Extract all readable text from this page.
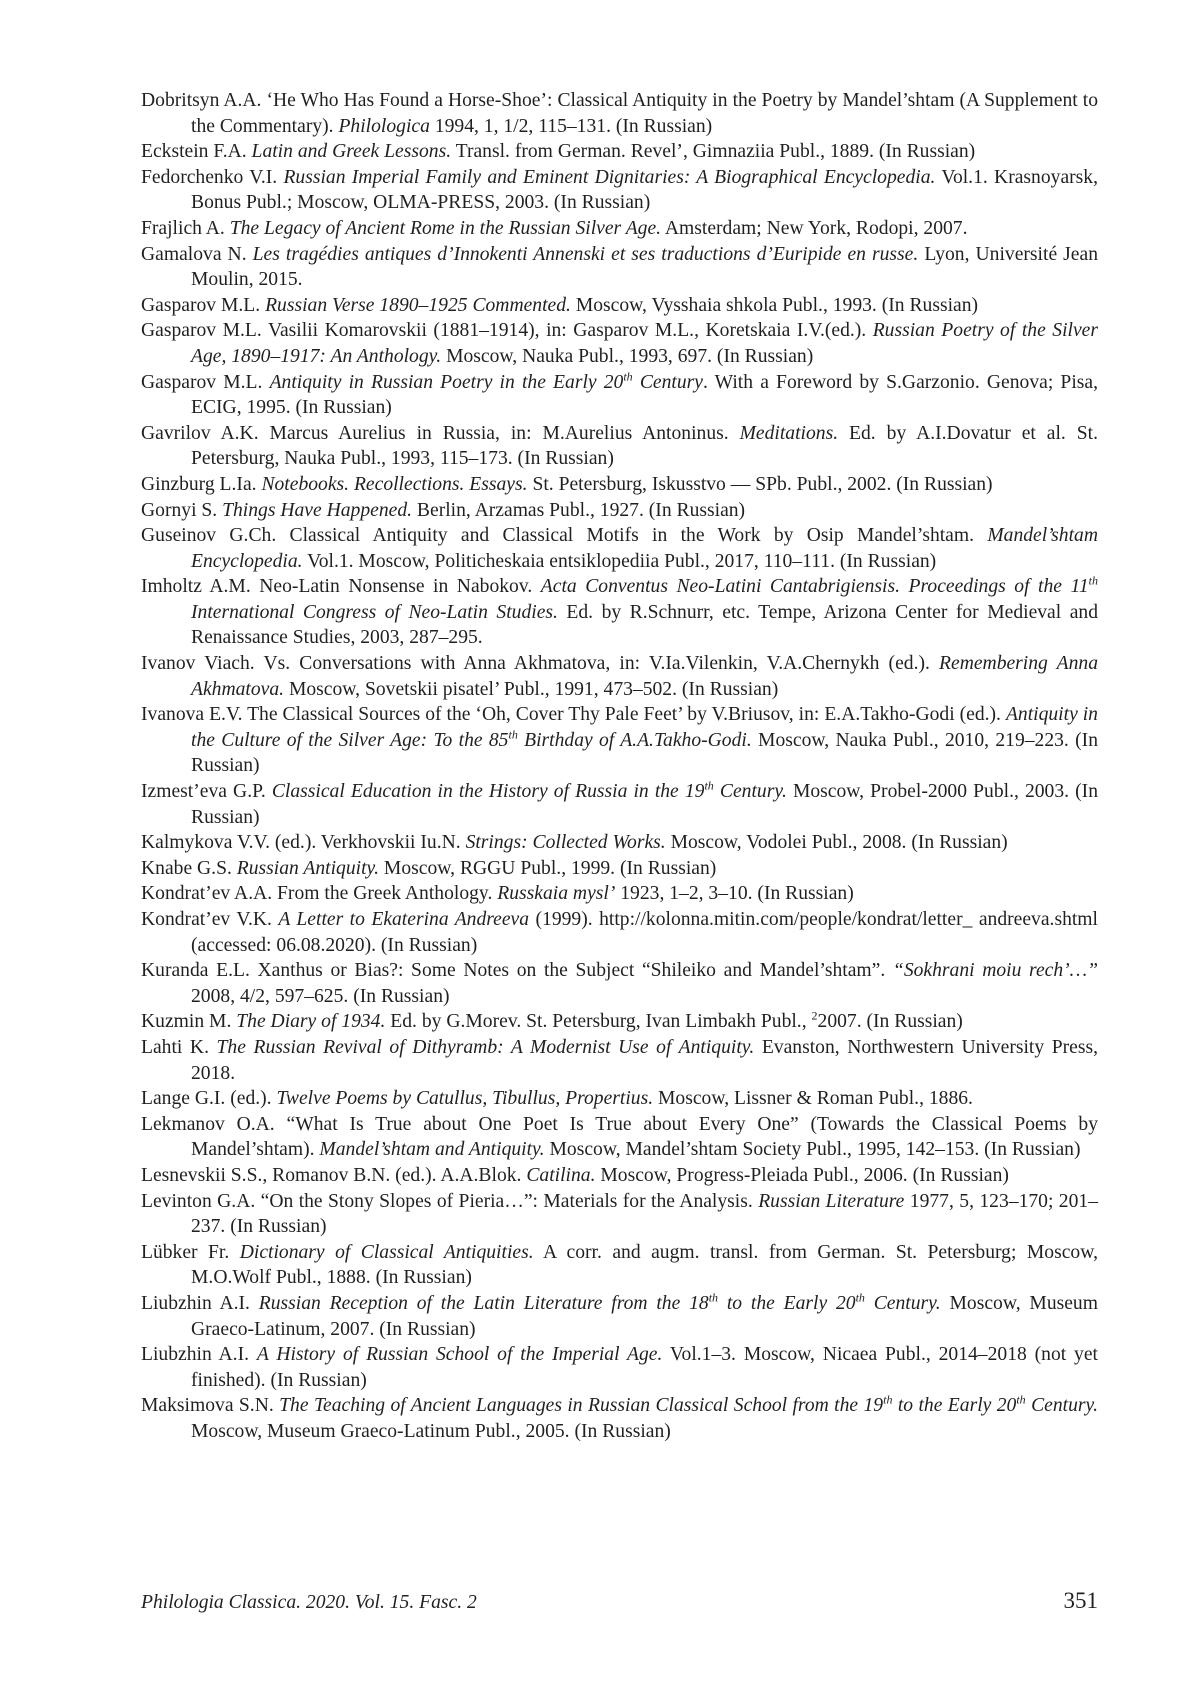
Dobritsyn A.A. ‘He Who Has Found a Horse-Shoe’: Classical Antiquity in the Poetry by Mandel’shtam (A Supplement to the Commentary). Philologica 1994, 1, 1/2, 115–131. (In Russian)

Eckstein F.A. Latin and Greek Lessons. Transl. from German. Revel’, Gimnaziia Publ., 1889. (In Russian)

Fedorchenko V.I. Russian Imperial Family and Eminent Dignitaries: A Biographical Encyclopedia. Vol.1. Krasnoyarsk, Bonus Publ.; Moscow, OLMA-PRESS, 2003. (In Russian)

Frajlich A. The Legacy of Ancient Rome in the Russian Silver Age. Amsterdam; New York, Rodopi, 2007.

Gamalova N. Les tragédies antiques d’Innokenti Annenski et ses traductions d’Euripide en russe. Lyon, Université Jean Moulin, 2015.

Gasparov M.L. Russian Verse 1890–1925 Commented. Moscow, Vysshaia shkola Publ., 1993. (In Russian)

Gasparov M.L. Vasilii Komarovskii (1881–1914), in: Gasparov M.L., Koretskaia I.V.(ed.). Russian Poetry of the Silver Age, 1890–1917: An Anthology. Moscow, Nauka Publ., 1993, 697. (In Russian)

Gasparov M.L. Antiquity in Russian Poetry in the Early 20th Century. With a Foreword by S.Garzonio. Genova; Pisa, ECIG, 1995. (In Russian)

Gavrilov A.K. Marcus Aurelius in Russia, in: M.Aurelius Antoninus. Meditations. Ed. by A.I.Dovatur et al. St. Petersburg, Nauka Publ., 1993, 115–173. (In Russian)

Ginzburg L.Ia. Notebooks. Recollections. Essays. St. Petersburg, Iskusstvo — SPb. Publ., 2002. (In Russian)

Gornyi S. Things Have Happened. Berlin, Arzamas Publ., 1927. (In Russian)

Guseinov G.Ch. Classical Antiquity and Classical Motifs in the Work by Osip Mandel’shtam. Mandel’shtam Encyclopedia. Vol.1. Moscow, Politicheskaia entsiklopediia Publ., 2017, 110–111. (In Russian)

Imholtz A.M. Neo-Latin Nonsense in Nabokov. Acta Conventus Neo-Latini Cantabrigiensis. Proceedings of the 11th International Congress of Neo-Latin Studies. Ed. by R.Schnurr, etc. Tempe, Arizona Center for Medieval and Renaissance Studies, 2003, 287–295.

Ivanov Viach. Vs. Conversations with Anna Akhmatova, in: V.Ia.Vilenkin, V.A.Chernykh (ed.). Remembering Anna Akhmatova. Moscow, Sovetskii pisatel’ Publ., 1991, 473–502. (In Russian)

Ivanova E.V. The Classical Sources of the ‘Oh, Cover Thy Pale Feet’ by V.Briusov, in: E.A.Takho-Godi (ed.). Antiquity in the Culture of the Silver Age: To the 85th Birthday of A.A.Takho-Godi. Moscow, Nauka Publ., 2010, 219–223. (In Russian)

Izmest’eva G.P. Classical Education in the History of Russia in the 19th Century. Moscow, Probel-2000 Publ., 2003. (In Russian)

Kalmykova V.V. (ed.). Verkhovskii Iu.N. Strings: Collected Works. Moscow, Vodolei Publ., 2008. (In Russian)

Knabe G.S. Russian Antiquity. Moscow, RGGU Publ., 1999. (In Russian)

Kondrat’ev A.A. From the Greek Anthology. Russkaia mysl’ 1923, 1–2, 3–10. (In Russian)

Kondrat’ev V.K. A Letter to Ekaterina Andreeva (1999). http://kolonna.mitin.com/people/kondrat/letter_ andreeva.shtml (accessed: 06.08.2020). (In Russian)

Kuranda E.L. Xanthus or Bias?: Some Notes on the Subject “Shileiko and Mandel’shtam”. “Sokhrani moiu rech’…” 2008, 4/2, 597–625. (In Russian)

Kuzmin M. The Diary of 1934. Ed. by G.Morev. St. Petersburg, Ivan Limbakh Publ., $^2$2007. (In Russian)

Lahti K. The Russian Revival of Dithyramb: A Modernist Use of Antiquity. Evanston, Northwestern University Press, 2018.

Lange G.I. (ed.). Twelve Poems by Catullus, Tibullus, Propertius. Moscow, Lissner & Roman Publ., 1886.

Lekmanov O.A. “What Is True about One Poet Is True about Every One” (Towards the Classical Poems by Mandel’shtam). Mandel’shtam and Antiquity. Moscow, Mandel’shtam Society Publ., 1995, 142–153. (In Russian)

Lesnevskii S.S., Romanov B.N. (ed.). A.A.Blok. Catilina. Moscow, Progress-Pleiada Publ., 2006. (In Russian)

Levinton G.A. “On the Stony Slopes of Pieria…”: Materials for the Analysis. Russian Literature 1977, 5, 123–170; 201–237. (In Russian)

Lübker Fr. Dictionary of Classical Antiquities. A corr. and augm. transl. from German. St. Petersburg; Moscow, M.O.Wolf Publ., 1888. (In Russian)

Liubzhin A.I. Russian Reception of the Latin Literature from the 18th to the Early 20th Century. Moscow, Museum Graeco-Latinum, 2007. (In Russian)

Liubzhin A.I. A History of Russian School of the Imperial Age. Vol.1–3. Moscow, Nicaea Publ., 2014–2018 (not yet finished). (In Russian)

Maksimova S.N. The Teaching of Ancient Languages in Russian Classical School from the 19th to the Early 20th Century. Moscow, Museum Graeco-Latinum Publ., 2005. (In Russian)

Philologia Classica. 2020. Vol. 15. Fasc. 2	351
